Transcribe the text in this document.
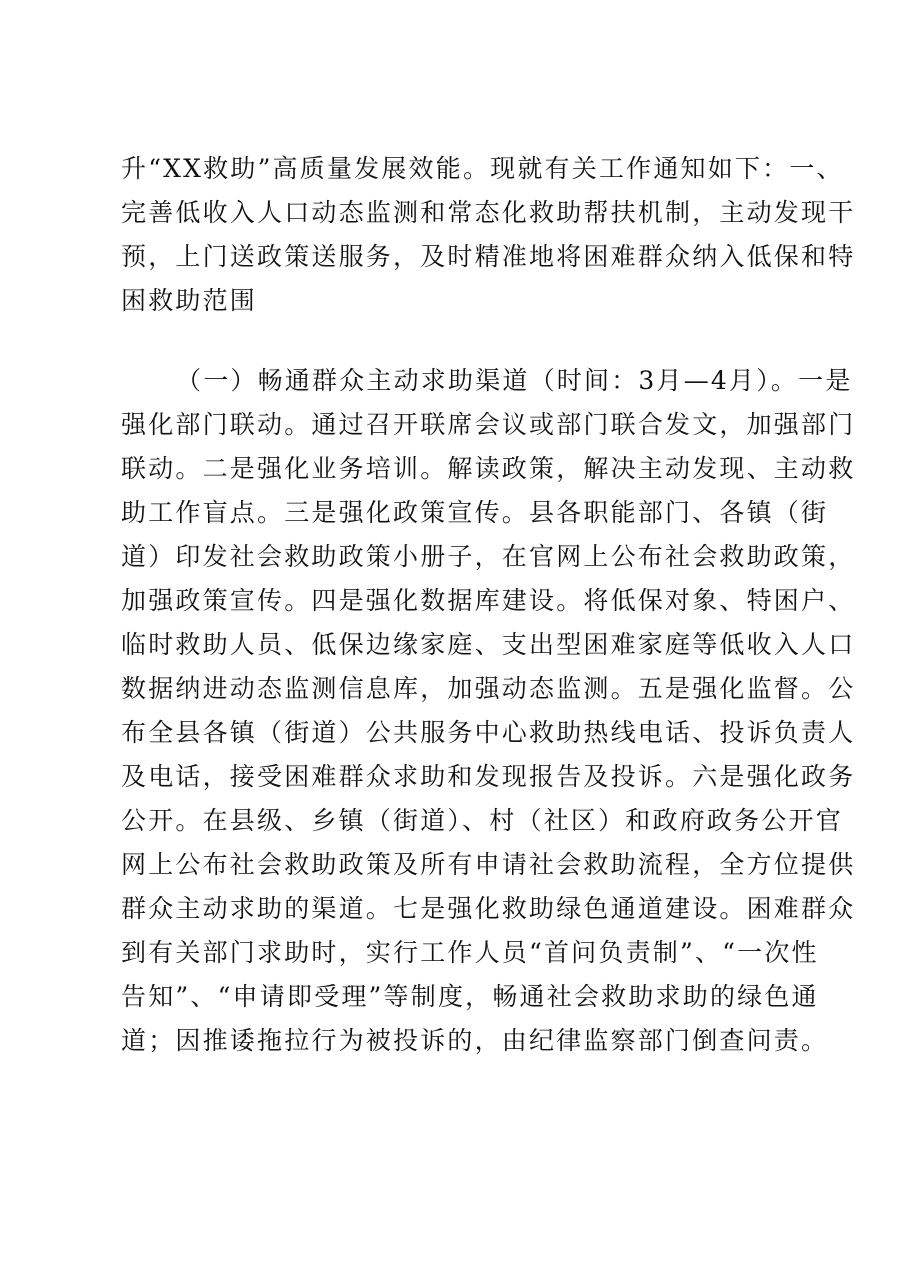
升“XX救助”高质量发展效能。现就有关工作通知如下：一、
完善低收入人口动态监测和常态化救助帮扶机制，主动发现干
预，上门送政策送服务，及时精准地将困难群众纳入低保和特
困救助范围
（一）畅通群众主动求助渠道（时间：3月—4月）。一是
强化部门联动。通过召开联席会议或部门联合发文，加强部门
联动。二是强化业务培训。解读政策，解决主动发现、主动救
助工作盲点。三是强化政策宣传。县各职能部门、各镇（街
道）印发社会救助政策小册子，在官网上公布社会救助政策，
加强政策宣传。四是强化数据库建设。将低保对象、特困户、
临时救助人员、低保边缘家庭、支出型困难家庭等低收入人口
数据纳进动态监测信息库，加强动态监测。五是强化监督。公
布全县各镇（街道）公共服务中心救助热线电话、投诉负责人
及电话，接受困难群众求助和发现报告及投诉。六是强化政务
公开。在县级、乡镇（街道）、村（社区）和政府政务公开官
网上公布社会救助政策及所有申请社会救助流程，全方位提供
群众主动求助的渠道。七是强化救助绿色通道建设。困难群众
到有关部门求助时，实行工作人员“首问负责制”、“一次性
告知”、“申请即受理”等制度，畅通社会救助求助的绿色通
道；因推诿拖拉行为被投诉的，由纪律监察部门倒查问责。
